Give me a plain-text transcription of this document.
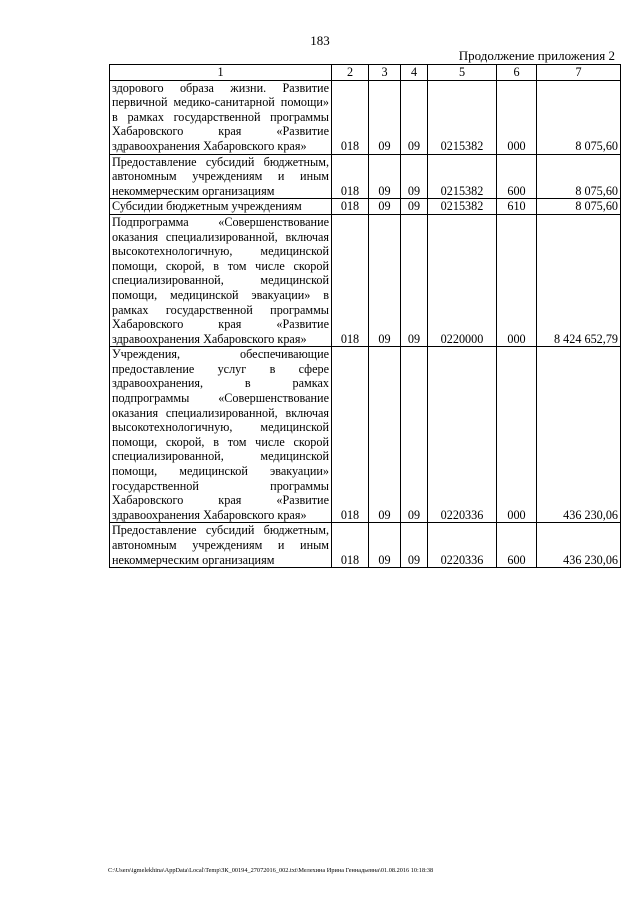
183
Продолжение приложения 2
1	2	3	4	5	6	7
здорового образа жизни. Развитие первичной медико-санитарной помощи» в рамках государственной программы Хабаровского края «Развитие здравоохранения Хабаровского края»	018	09	09	0215382	000	8 075,60
Предоставление субсидий бюджетным, автономным учреждениям и иным некоммерческим организациям	018	09	09	0215382	600	8 075,60
Субсидии бюджетным учреждениям	018	09	09	0215382	610	8 075,60
Подпрограмма «Совершенствование оказания специализированной, включая высокотехнологичную, медицинской помощи, скорой, в том числе скорой специализированной, медицинской помощи, медицинской эвакуации» в рамках государственной программы Хабаровского края «Развитие здравоохранения Хабаровского края»	018	09	09	0220000	000	8 424 652,79
Учреждения, обеспечивающие предоставление услуг в сфере здравоохранения, в рамках подпрограммы «Совершенствование оказания специализированной, включая высокотехнологичную, медицинской помощи, скорой, в том числе скорой специализированной, медицинской помощи, медицинской эвакуации» государственной программы Хабаровского края «Развитие здравоохранения Хабаровского края»	018	09	09	0220336	000	436 230,06
Предоставление субсидий бюджетным, автономным учреждениям и иным некоммерческим организациям	018	09	09	0220336	600	436 230,06
C:\Users\igmelekhina\AppData\Local\Temp\ЗК_00194_27072016_002.txt\Мелехина Ирина Геннадьевна\01.08.2016 10:18:38
